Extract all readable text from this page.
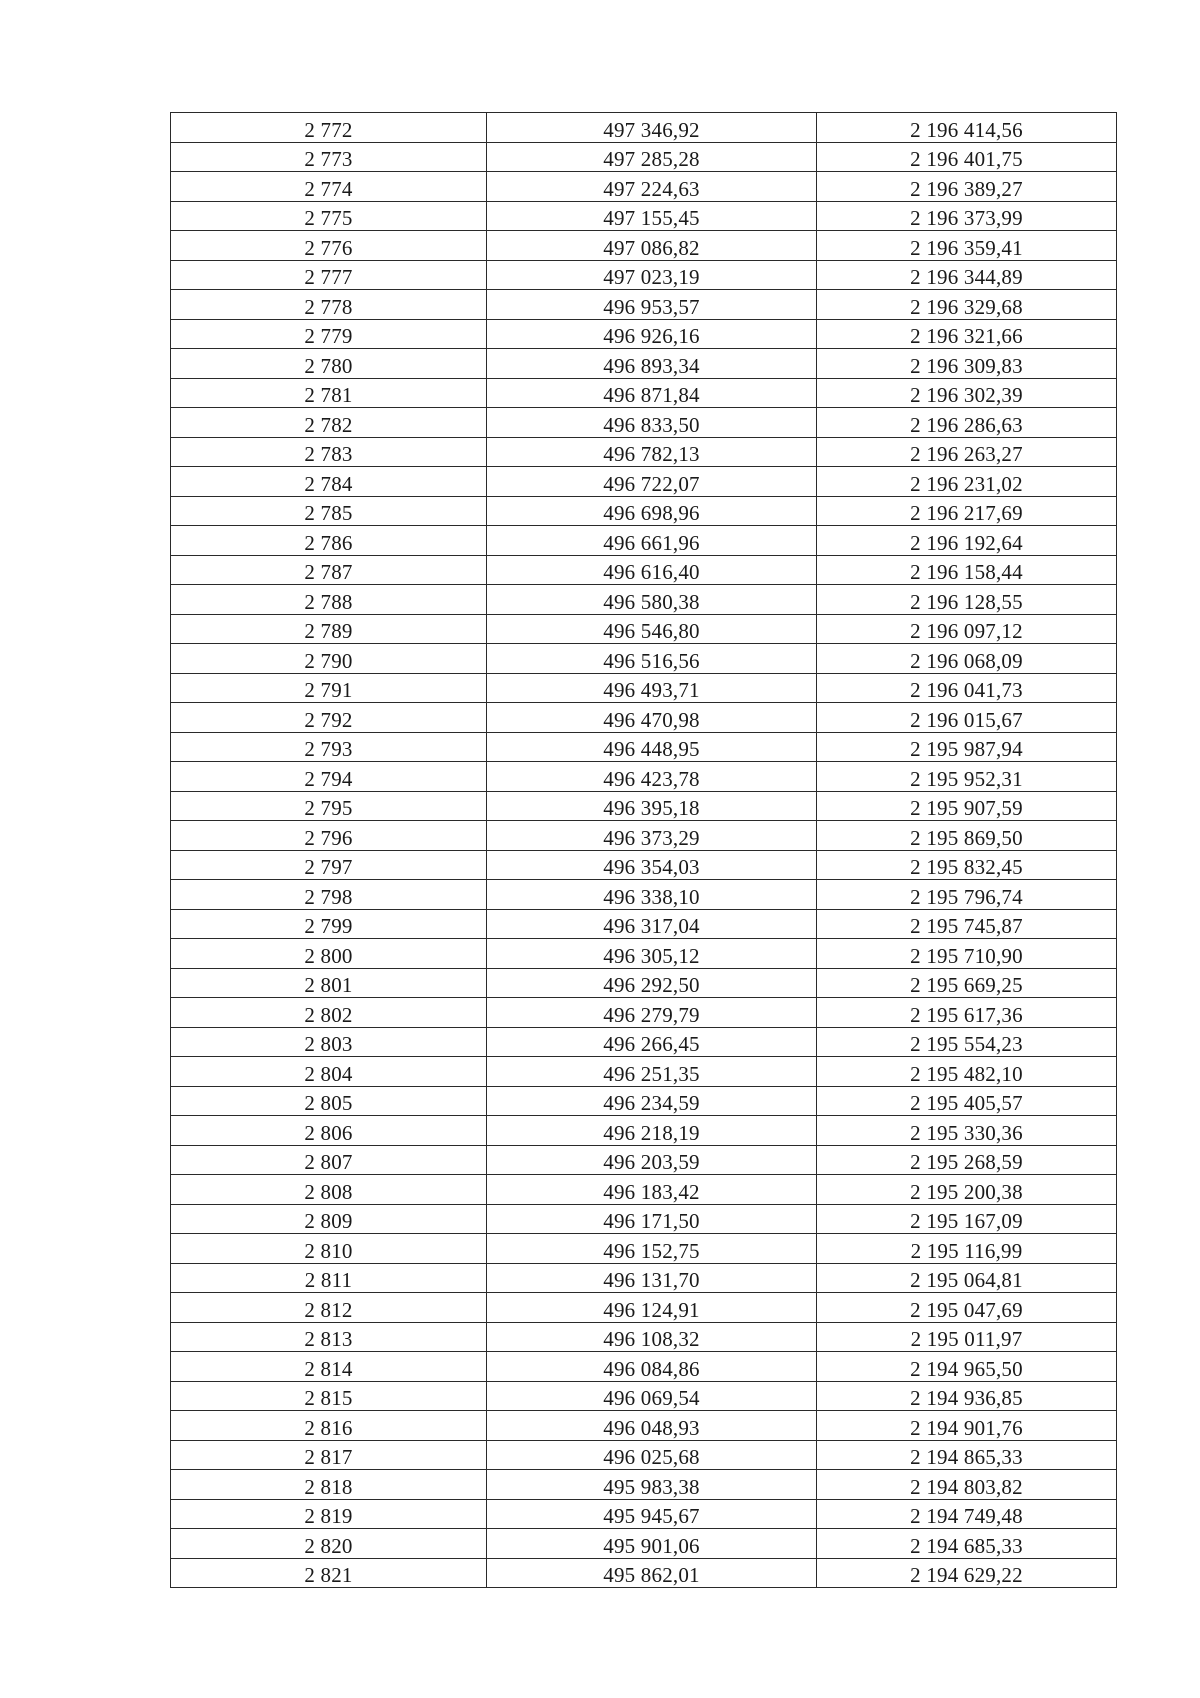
2 772	497 346,92	2 196 414,56
2 773	497 285,28	2 196 401,75
2 774	497 224,63	2 196 389,27
2 775	497 155,45	2 196 373,99
2 776	497 086,82	2 196 359,41
2 777	497 023,19	2 196 344,89
2 778	496 953,57	2 196 329,68
2 779	496 926,16	2 196 321,66
2 780	496 893,34	2 196 309,83
2 781	496 871,84	2 196 302,39
2 782	496 833,50	2 196 286,63
2 783	496 782,13	2 196 263,27
2 784	496 722,07	2 196 231,02
2 785	496 698,96	2 196 217,69
2 786	496 661,96	2 196 192,64
2 787	496 616,40	2 196 158,44
2 788	496 580,38	2 196 128,55
2 789	496 546,80	2 196 097,12
2 790	496 516,56	2 196 068,09
2 791	496 493,71	2 196 041,73
2 792	496 470,98	2 196 015,67
2 793	496 448,95	2 195 987,94
2 794	496 423,78	2 195 952,31
2 795	496 395,18	2 195 907,59
2 796	496 373,29	2 195 869,50
2 797	496 354,03	2 195 832,45
2 798	496 338,10	2 195 796,74
2 799	496 317,04	2 195 745,87
2 800	496 305,12	2 195 710,90
2 801	496 292,50	2 195 669,25
2 802	496 279,79	2 195 617,36
2 803	496 266,45	2 195 554,23
2 804	496 251,35	2 195 482,10
2 805	496 234,59	2 195 405,57
2 806	496 218,19	2 195 330,36
2 807	496 203,59	2 195 268,59
2 808	496 183,42	2 195 200,38
2 809	496 171,50	2 195 167,09
2 810	496 152,75	2 195 116,99
2 811	496 131,70	2 195 064,81
2 812	496 124,91	2 195 047,69
2 813	496 108,32	2 195 011,97
2 814	496 084,86	2 194 965,50
2 815	496 069,54	2 194 936,85
2 816	496 048,93	2 194 901,76
2 817	496 025,68	2 194 865,33
2 818	495 983,38	2 194 803,82
2 819	495 945,67	2 194 749,48
2 820	495 901,06	2 194 685,33
2 821	495 862,01	2 194 629,22
